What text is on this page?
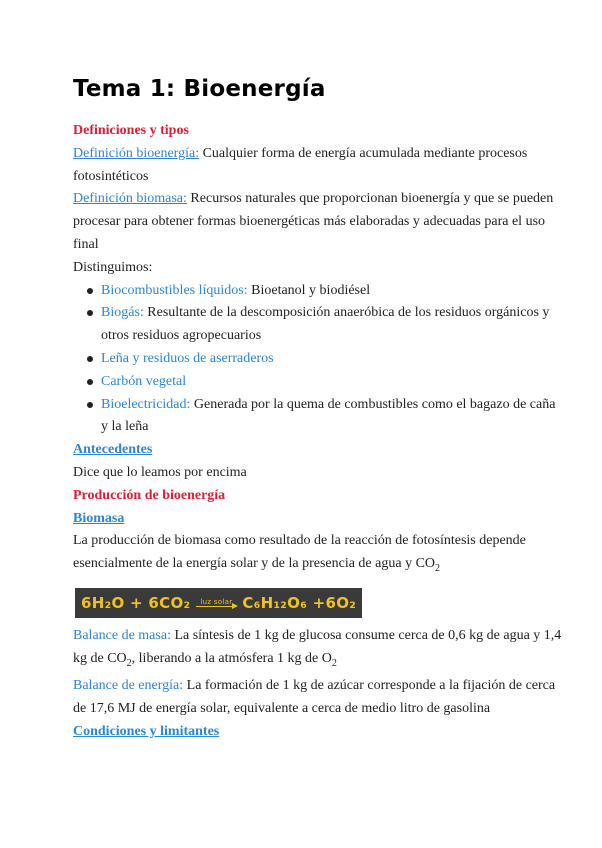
Tema 1: Bioenergía

Definiciones y tipos

Definición bioenergía: Cualquier forma de energía acumulada mediante procesos fotosintéticos

Definición biomasa: Recursos naturales que proporcionan bioenergía y que se pueden procesar para obtener formas bioenergéticas más elaboradas y adecuadas para el uso final

Distinguimos:

Biocombustibles líquidos: Bioetanol y biodiésel
Biogás: Resultante de la descomposición anaeróbica de los residuos orgánicos y otros residuos agropecuarios
Leña y residuos de aserraderos
Carbón vegetal
Bioelectricidad: Generada por la quema de combustibles como el bagazo de caña y la leña

Antecedentes

Dice que lo leamos por encima

Producción de bioenergía

Biomasa

La producción de biomasa como resultado de la reacción de fotosíntesis depende esencialmente de la energía solar y de la presencia de agua y $CO_2$

6H₂O + 6CO₂ luz solar C₆H₁₂O₆ +6O₂

Balance de masa: La síntesis de 1 kg de glucosa consume cerca de 0,6 kg de agua y 1,4 kg de $CO_2$, liberando a la atmósfera 1 kg de $O_2$

Balance de energía: La formación de 1 kg de azúcar corresponde a la fijación de cerca de 17,6 MJ de energía solar, equivalente a cerca de medio litro de gasolina

Condiciones y limitantes
